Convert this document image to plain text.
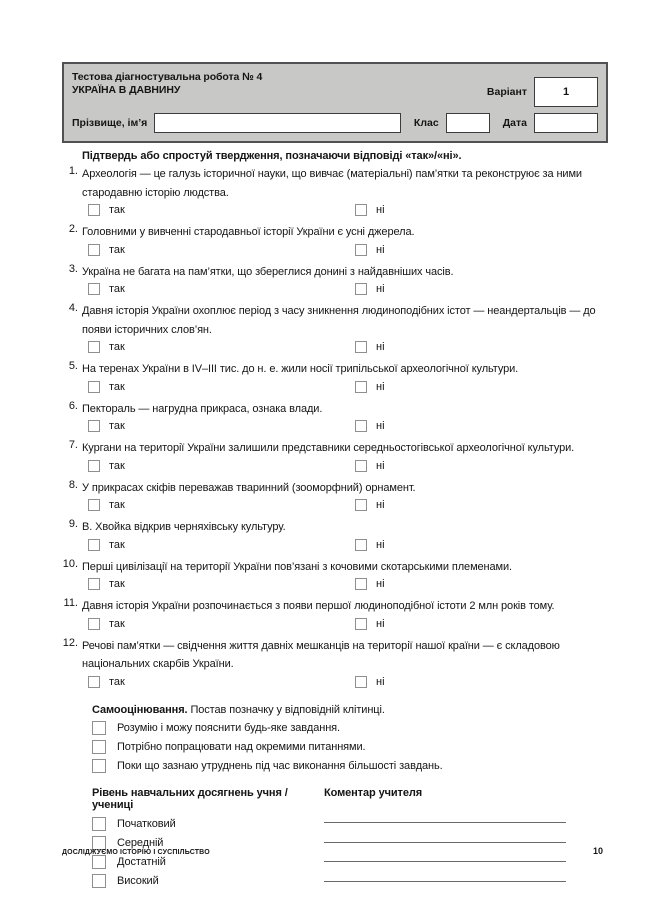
Тестова діагностувальна робота № 4
УКРАЇНА В ДАВНИНУ	Варіант	1
Прізвище, ім’я	Клас	Дата
Підтвердь або спростуй твердження, позначаючи відповіді «так»/«ні».
1. Археологія — це галузь історичної науки, що вивчає (матеріальні) пам’ятки та реконструює за ними стародавню історію людства.
так	ні
2. Головними у вивченні стародавньої історії України є усні джерела.
так	ні
3. Україна не багата на пам’ятки, що збереглися донині з найдавніших часів.
так	ні
4. Давня історія України охоплює період з часу зникнення людиноподібних істот — неандертальців — до появи історичних слов’ян.
так	ні
5. На теренах України в IV–III тис. до н. е. жили носії трипільської археологічної культури.
так	ні
6. Пектораль — нагрудна прикраса, ознака влади.
так	ні
7. Кургани на території України залишили представники середньостогівської археологічної культури.
так	ні
8. У прикрасах скіфів переважав тваринний (зооморфний) орнамент.
так	ні
9. В. Хвойка відкрив черняхівську культуру.
так	ні
10. Перші цивілізації на території України пов’язані з кочовими скотарськими племенами.
так	ні
11. Давня історія України розпочинається з появи першої людиноподібної істоти 2 млн років тому.
так	ні
12. Речові пам’ятки — свідчення життя давніх мешканців на території нашої країни — є складовою національних скарбів України.
так	ні
Самооцінювання. Постав позначку у відповідній клітинці.
Розумію і можу пояснити будь-яке завдання.
Потрібно попрацювати над окремими питаннями.
Поки що зазнаю утруднень під час виконання більшості завдань.
Рівень навчальних досягнень учня / учениці
Початковий
Середній
Достатній
Високий
Коментар учителя
ДОСЛІДЖУЄМО ІСТОРІЮ І СУСПІЛЬСТВО	10
